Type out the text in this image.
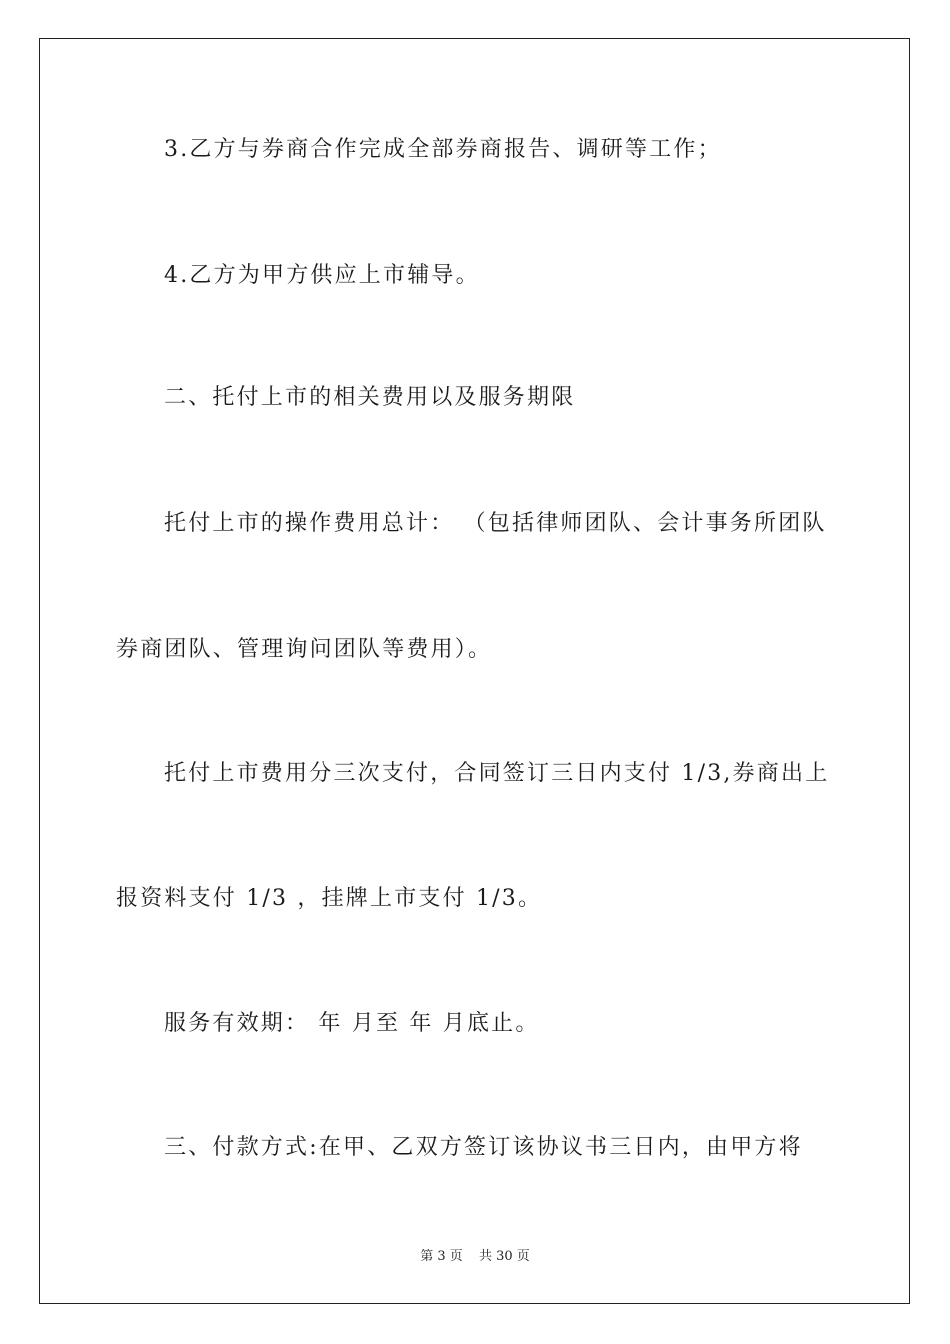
3.乙方与券商合作完成全部券商报告、调研等工作；

4.乙方为甲方供应上市辅导。

二、托付上市的相关费用以及服务期限

托付上市的操作费用总计： （包括律师团队、会计事务所团队

券商团队、管理询问团队等费用）。

托付上市费用分三次支付，合同签订三日内支付 1/3,券商出上

报资料支付 1/3 ，挂牌上市支付 1/3。

服务有效期： 年 月至 年 月底止。

三、付款方式:在甲、乙双方签订该协议书三日内，由甲方将

第 3 页 共 30 页
